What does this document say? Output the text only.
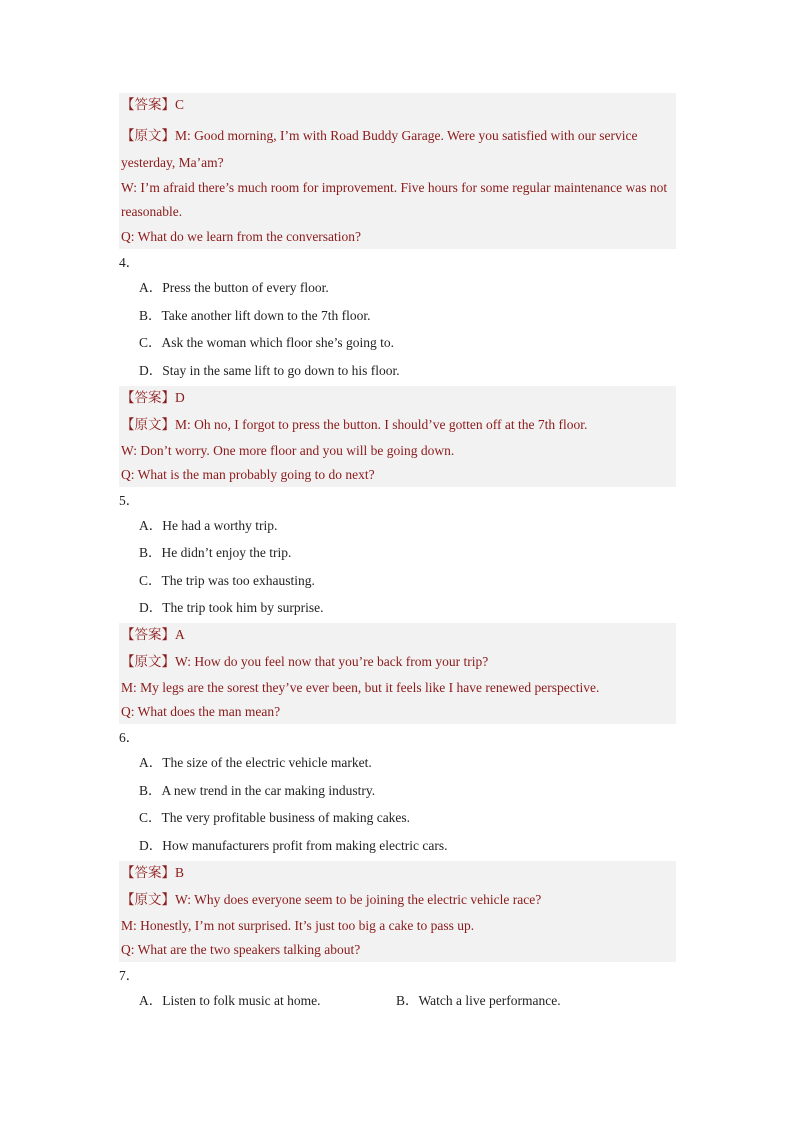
【答案】C
【原文】M: Good morning, I’m with Road Buddy Garage. Were you satisfied with our service yesterday, Ma’am?
W: I’m afraid there’s much room for improvement. Five hours for some regular maintenance was not reasonable.
Q: What do we learn from the conversation?
4．
A．Press the button of every floor.
B．Take another lift down to the 7th floor.
C．Ask the woman which floor she’s going to.
D．Stay in the same lift to go down to his floor.
【答案】D
【原文】M: Oh no, I forgot to press the button. I should’ve gotten off at the 7th floor.
W: Don’t worry. One more floor and you will be going down.
Q: What is the man probably going to do next?
5．
A．He had a worthy trip.
B．He didn’t enjoy the trip.
C．The trip was too exhausting.
D．The trip took him by surprise.
【答案】A
【原文】W: How do you feel now that you’re back from your trip?
M: My legs are the sorest they’ve ever been, but it feels like I have renewed perspective.
Q: What does the man mean?
6．
A．The size of the electric vehicle market.
B．A new trend in the car making industry.
C．The very profitable business of making cakes.
D．How manufacturers profit from making electric cars.
【答案】B
【原文】W: Why does everyone seem to be joining the electric vehicle race?
M: Honestly, I’m not surprised. It’s just too big a cake to pass up.
Q: What are the two speakers talking about?
7．
A．Listen to folk music at home.	B．Watch a live performance.
